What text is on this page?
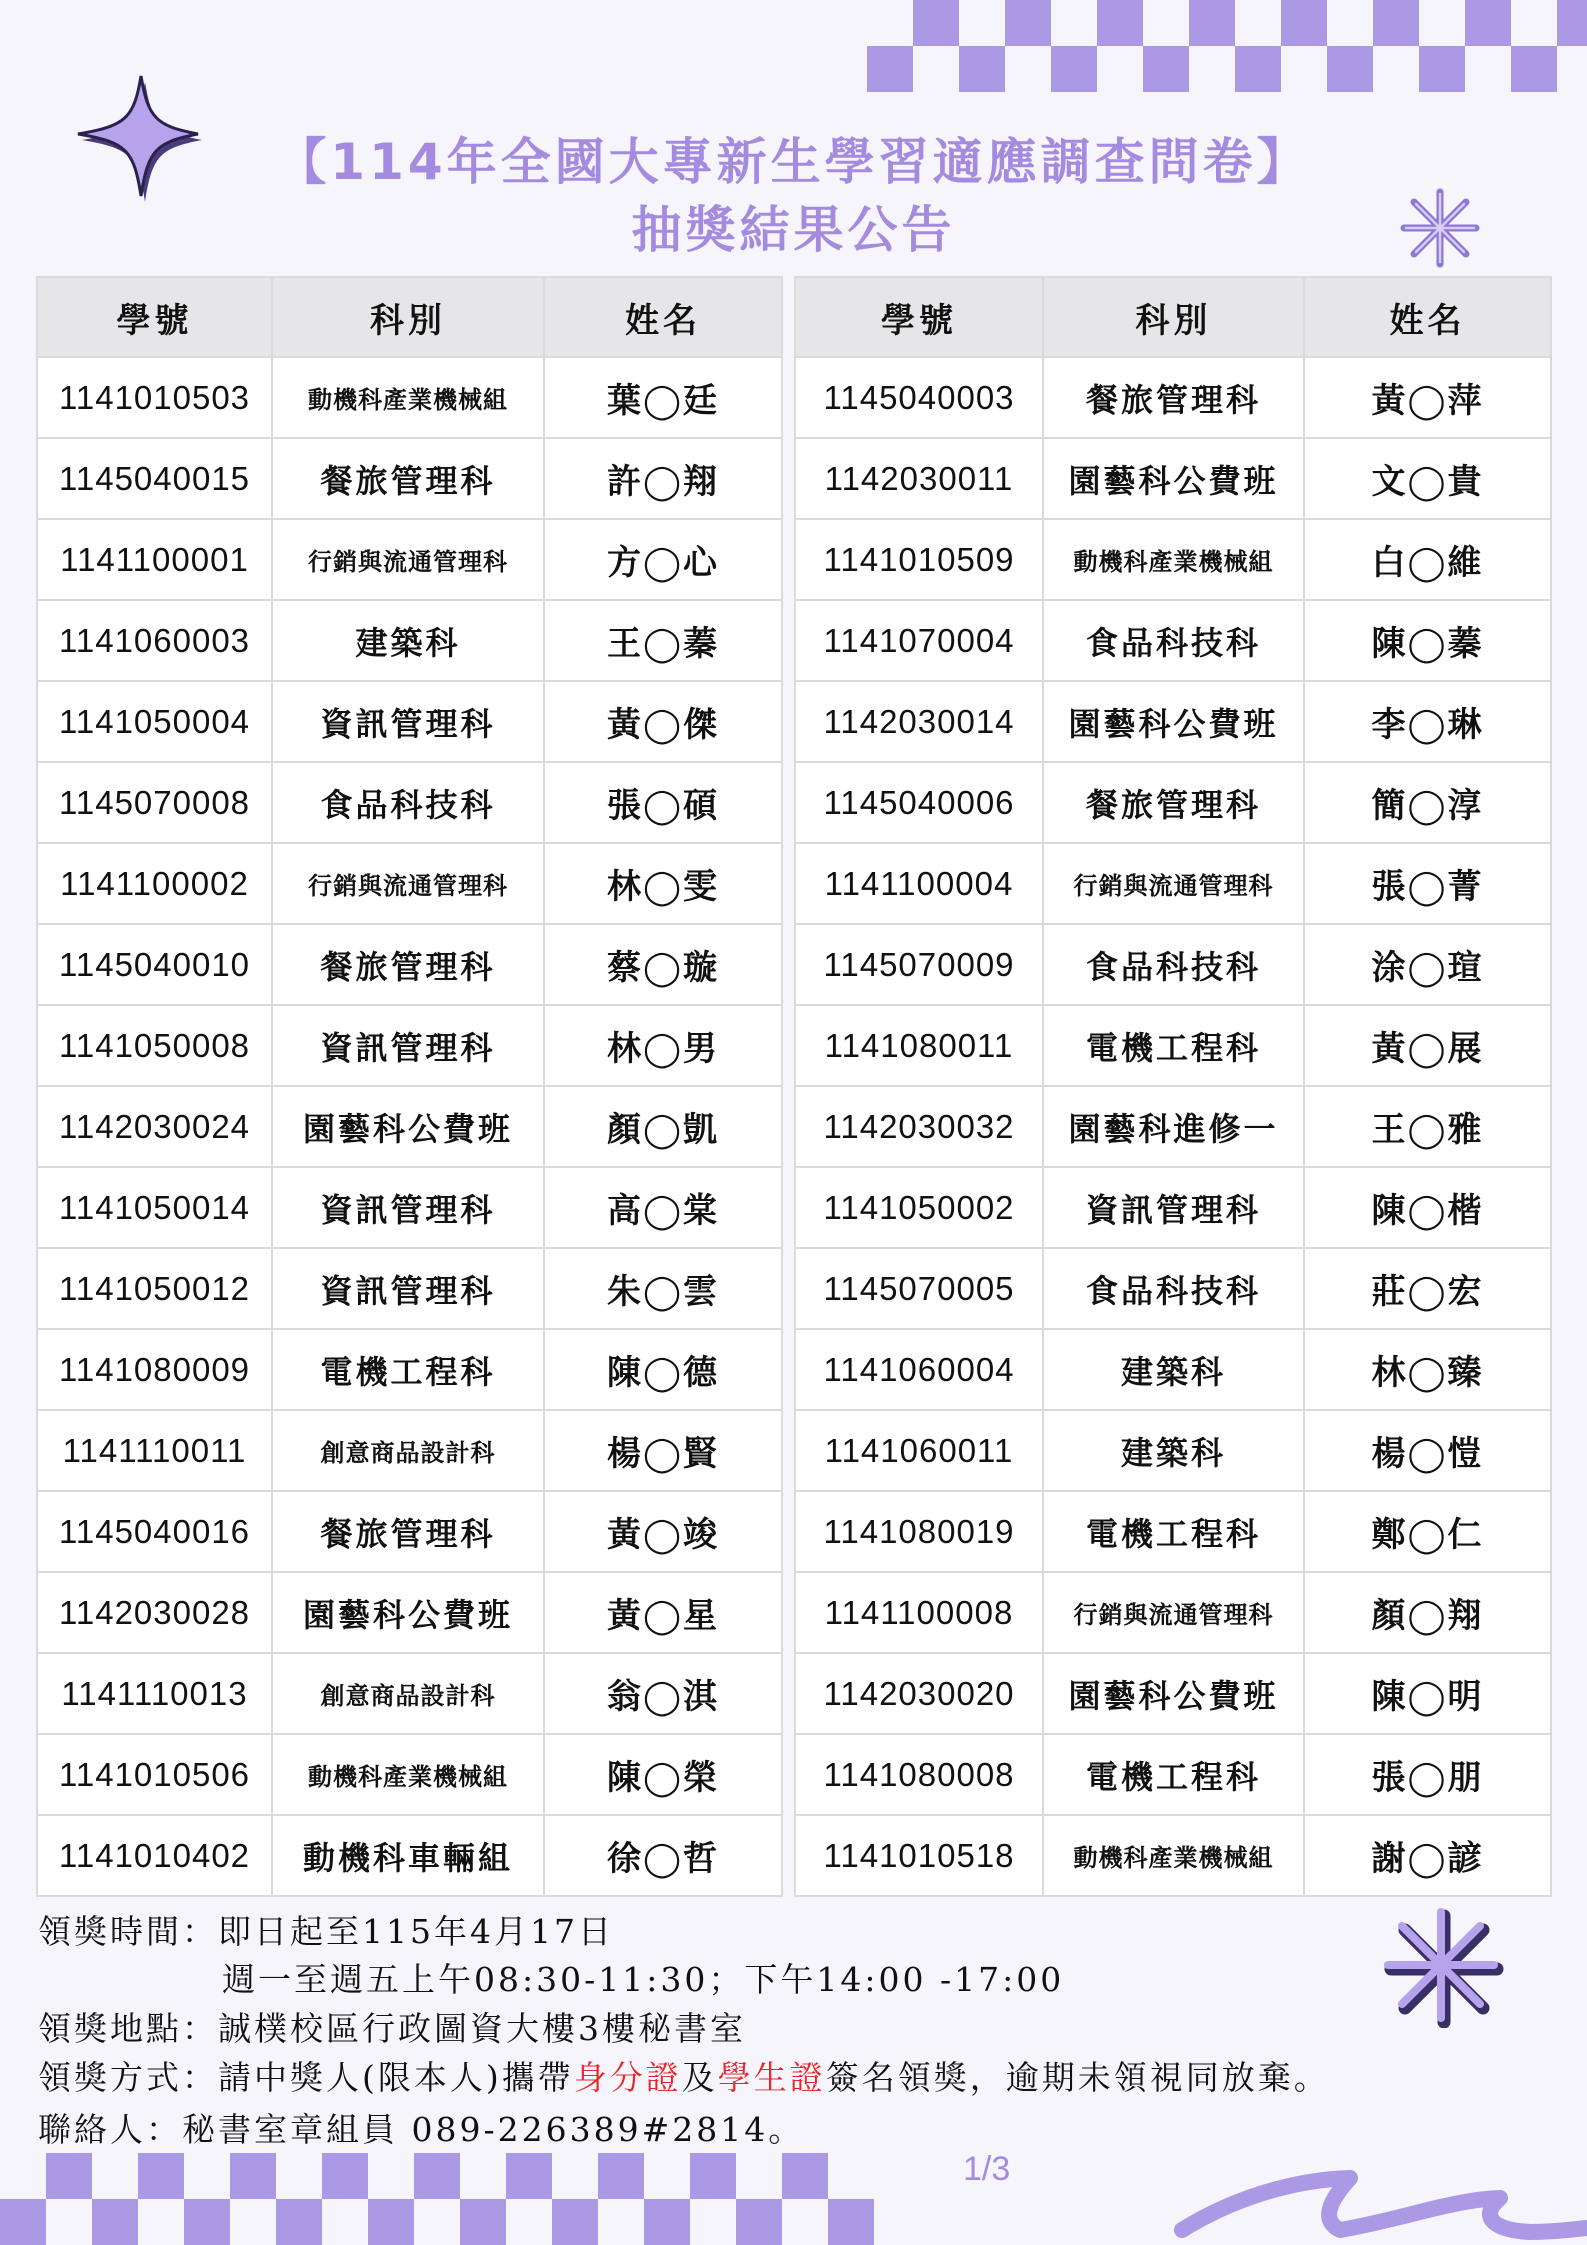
【114年全國大專新生學習適應調查問卷】
抽獎結果公告
學號	科別	姓名
1141010503	動機科產業機械組	葉◯廷
1145040015	餐旅管理科	許◯翔
1141100001	行銷與流通管理科	方◯心
1141060003	建築科	王◯蓁
1141050004	資訊管理科	黃◯傑
1145070008	食品科技科	張◯碩
1141100002	行銷與流通管理科	林◯雯
1145040010	餐旅管理科	蔡◯璇
1141050008	資訊管理科	林◯男
1142030024	園藝科公費班	顏◯凱
1141050014	資訊管理科	高◯棠
1141050012	資訊管理科	朱◯雲
1141080009	電機工程科	陳◯德
1141110011	創意商品設計科	楊◯賢
1145040016	餐旅管理科	黃◯竣
1142030028	園藝科公費班	黃◯星
1141110013	創意商品設計科	翁◯淇
1141010506	動機科產業機械組	陳◯榮
1141010402	動機科車輛組	徐◯哲
學號	科別	姓名
1145040003	餐旅管理科	黃◯萍
1142030011	園藝科公費班	文◯貴
1141010509	動機科產業機械組	白◯維
1141070004	食品科技科	陳◯蓁
1142030014	園藝科公費班	李◯琳
1145040006	餐旅管理科	簡◯淳
1141100004	行銷與流通管理科	張◯菁
1145070009	食品科技科	涂◯瑄
1141080011	電機工程科	黃◯展
1142030032	園藝科進修一	王◯雅
1141050002	資訊管理科	陳◯楷
1145070005	食品科技科	莊◯宏
1141060004	建築科	林◯臻
1141060011	建築科	楊◯愷
1141080019	電機工程科	鄭◯仁
1141100008	行銷與流通管理科	顏◯翔
1142030020	園藝科公費班	陳◯明
1141080008	電機工程科	張◯朋
1141010518	動機科產業機械組	謝◯諺
領獎時間：即日起至115年4月17日
週一至週五上午08:30-11:30；下午14:00 -17:00
領獎地點：誠樸校區行政圖資大樓3樓秘書室
領獎方式：請中獎人(限本人)攜帶身分證及學生證簽名領獎，逾期未領視同放棄。
聯絡人：秘書室章組員 089-226389#2814。
1/3
